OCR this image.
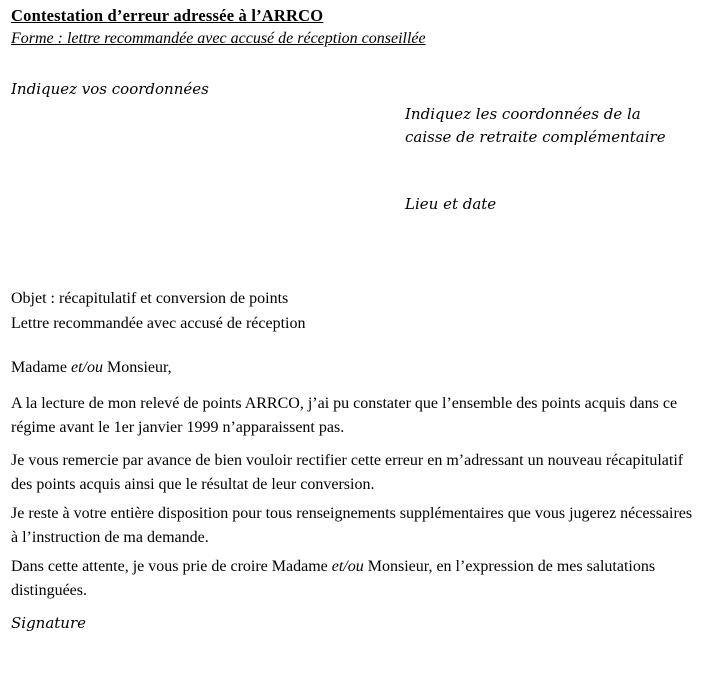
Contestation d’erreur adressée à l’ARRCO
Forme : lettre recommandée avec accusé de réception conseillée
Indiquez vos coordonnées
Indiquez les coordonnées de la caisse de retraite complémentaire
Lieu et date
Objet : récapitulatif et conversion de points
Lettre recommandée avec accusé de réception
Madame et/ou Monsieur,

A la lecture de mon relevé de points ARRCO, j’ai pu constater que l’ensemble des points acquis dans ce régime avant le 1er janvier 1999 n’apparaissent pas.

Je vous remercie par avance de bien vouloir rectifier cette erreur en m’adressant un nouveau récapitulatif des points acquis ainsi que le résultat de leur conversion.

Je reste à votre entière disposition pour tous renseignements supplémentaires que vous jugerez nécessaires à l’instruction de ma demande.

Dans cette attente, je vous prie de croire Madame et/ou Monsieur, en l’expression de mes salutations distinguées.

Signature
